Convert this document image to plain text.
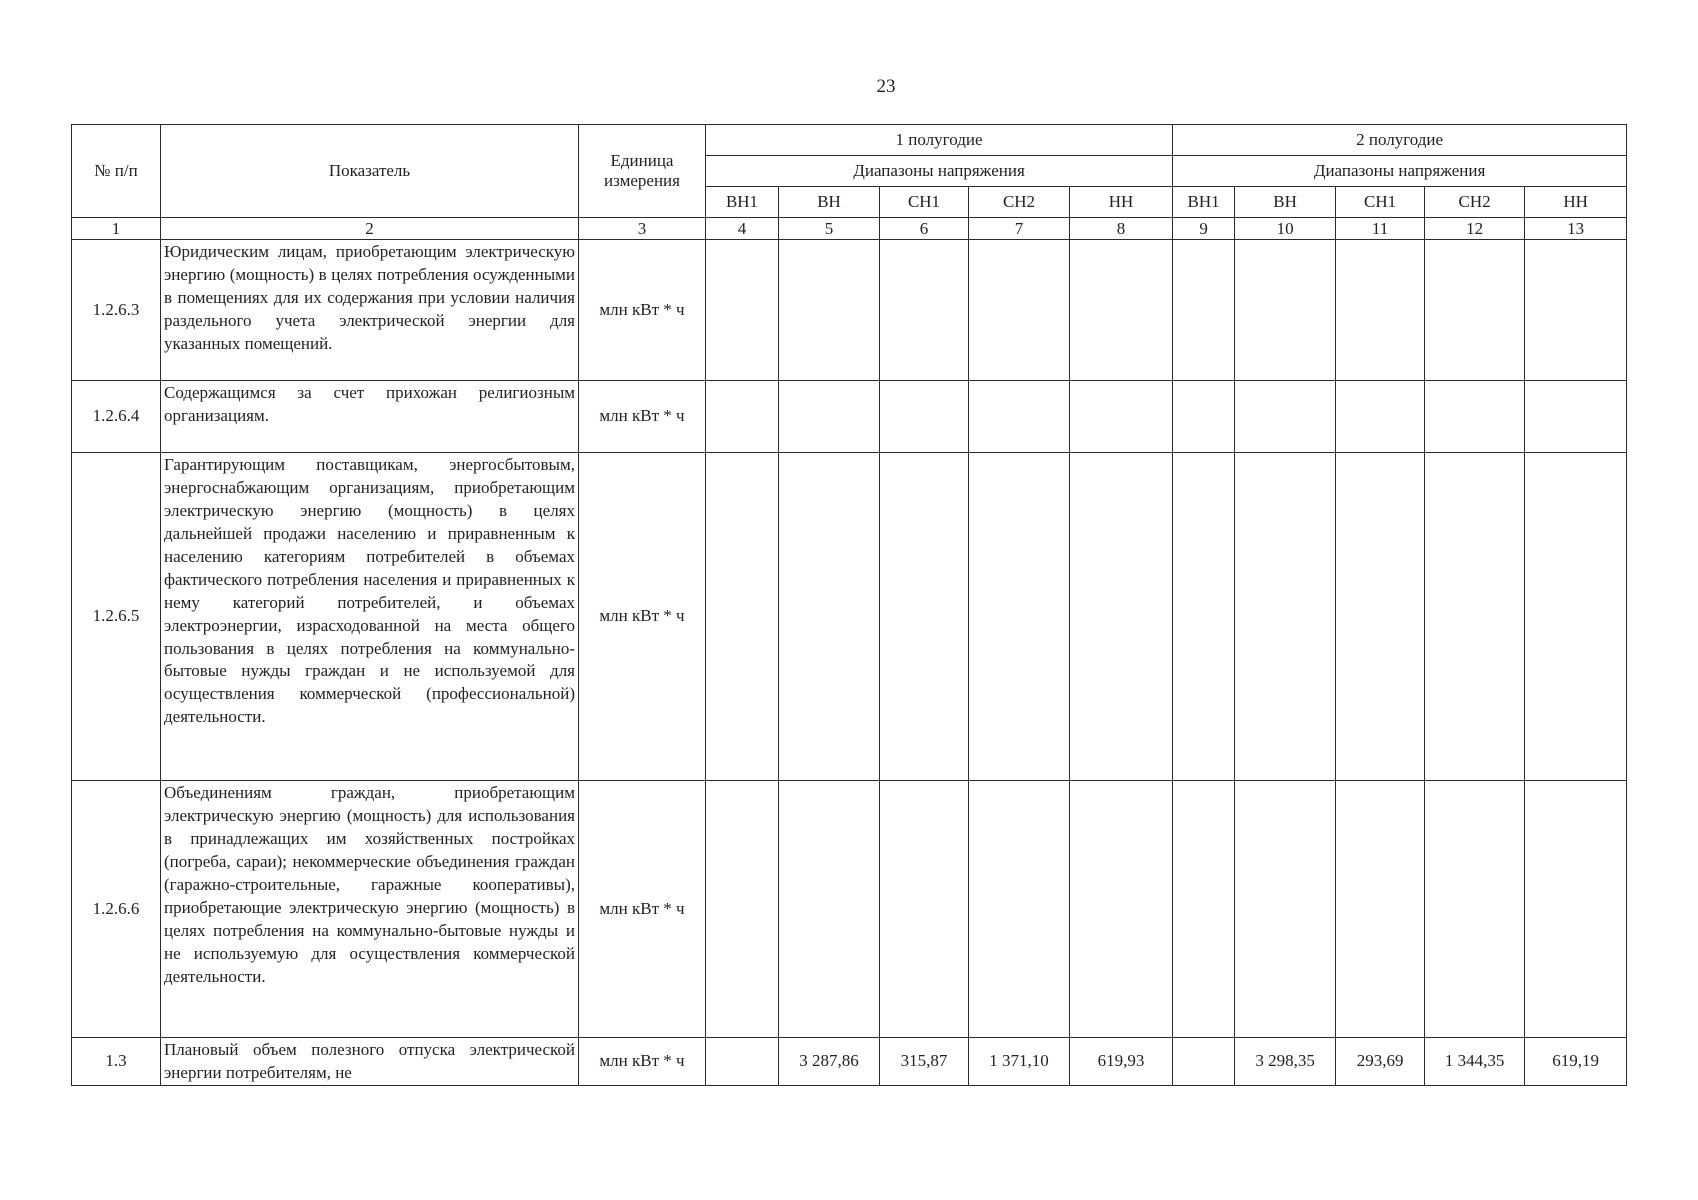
23
№ п/п	Показатель	Единица измерения	1 полугодие					2 полугодие				
			Диапазоны напряжения					Диапазоны напряжения				
			ВН1	ВН	СН1	СН2	НН	ВН1	ВН	СН1	СН2	НН
1	2	3	4	5	6	7	8	9	10	11	12	13
1.2.6.3	Юридическим лицам, приобретающим электрическую энергию (мощность) в целях потребления осужденными в помещениях для их содержания при условии наличия раздельного учета электрической энергии для указанных помещений.	млн кВт * ч										
1.2.6.4	Содержащимся за счет прихожан религиозным организациям.	млн кВт * ч										
1.2.6.5	Гарантирующим поставщикам, энергосбытовым, энергоснабжающим организациям, приобретающим электрическую энергию (мощность) в целях дальнейшей продажи населению и приравненным к населению категориям потребителей в объемах фактического потребления населения и приравненных к нему категорий потребителей, и объемах электроэнергии, израсходованной на места общего пользования в целях потребления на коммунально-бытовые нужды граждан и не используемой для осуществления коммерческой (профессиональной) деятельности.	млн кВт * ч										
1.2.6.6	Объединениям граждан, приобретающим электрическую энергию (мощность) для использования в принадлежащих им хозяйственных постройках (погреба, сараи); некоммерческие объединения граждан (гаражно-строительные, гаражные кооперативы), приобретающие электрическую энергию (мощность) в целях потребления на коммунально-бытовые нужды и не используемую для осуществления коммерческой деятельности.	млн кВт * ч										
1.3	Плановый объем полезного отпуска электрической энергии потребителям, не	млн кВт * ч		3 287,86	315,87	1 371,10	619,93		3 298,35	293,69	1 344,35	619,19
